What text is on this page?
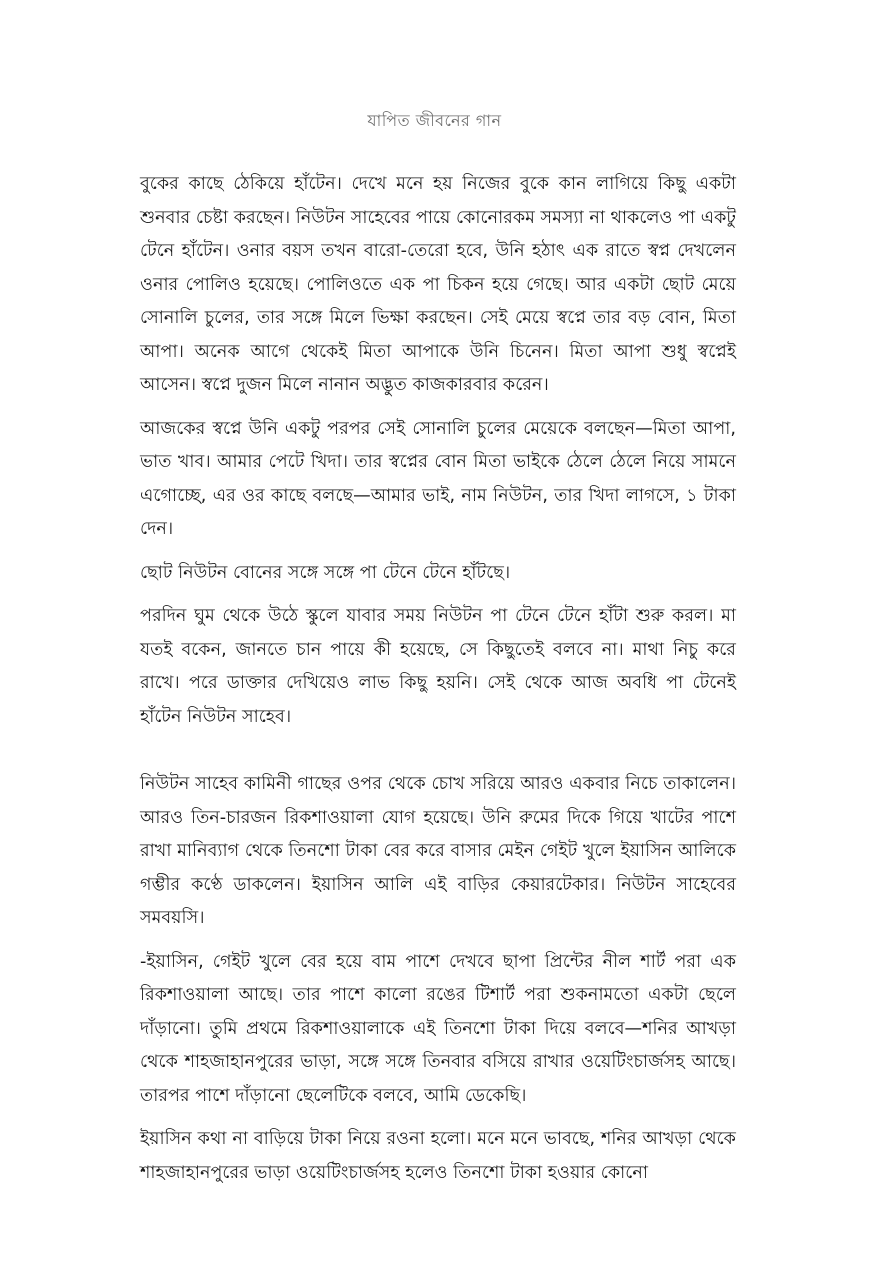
যাপিত জীবনের গান

বুকের কাছে ঠেকিয়ে হাঁটেন। দেখে মনে হয় নিজের বুকে কান লাগিয়ে কিছু একটা শুনবার চেষ্টা করছেন। নিউটন সাহেবের পায়ে কোনোরকম সমস্যা না থাকলেও পা একটু টেনে হাঁটেন। ওনার বয়স তখন বারো-তেরো হবে, উনি হঠাৎ এক রাতে স্বপ্ন দেখলেন ওনার পোলিও হয়েছে। পোলিওতে এক পা চিকন হয়ে গেছে। আর একটা ছোট মেয়ে সোনালি চুলের, তার সঙ্গে মিলে ভিক্ষা করছেন। সেই মেয়ে স্বপ্নে তার বড় বোন, মিতা আপা। অনেক আগে থেকেই মিতা আপাকে উনি চিনেন। মিতা আপা শুধু স্বপ্নেই আসেন। স্বপ্নে দুজন মিলে নানান অদ্ভুত কাজকারবার করেন।

আজকের স্বপ্নে উনি একটু পরপর সেই সোনালি চুলের মেয়েকে বলছেন—মিতা আপা, ভাত খাব। আমার পেটে খিদা। তার স্বপ্নের বোন মিতা ভাইকে ঠেলে ঠেলে নিয়ে সামনে এগোচ্ছে, এর ওর কাছে বলছে—আমার ভাই, নাম নিউটন, তার খিদা লাগসে, ১ টাকা দেন।

ছোট নিউটন বোনের সঙ্গে সঙ্গে পা টেনে টেনে হাঁটছে।

পরদিন ঘুম থেকে উঠে স্কুলে যাবার সময় নিউটন পা টেনে টেনে হাঁটা শুরু করল। মা যতই বকেন, জানতে চান পায়ে কী হয়েছে, সে কিছুতেই বলবে না। মাথা নিচু করে রাখে। পরে ডাক্তার দেখিয়েও লাভ কিছু হয়নি। সেই থেকে আজ অবধি পা টেনেই হাঁটেন নিউটন সাহেব।

নিউটন সাহেব কামিনী গাছের ওপর থেকে চোখ সরিয়ে আরও একবার নিচে তাকালেন। আরও তিন-চারজন রিকশাওয়ালা যোগ হয়েছে। উনি রুমের দিকে গিয়ে খাটের পাশে রাখা মানিব্যাগ থেকে তিনশো টাকা বের করে বাসার মেইন গেইট খুলে ইয়াসিন আলিকে গম্ভীর কণ্ঠে ডাকলেন। ইয়াসিন আলি এই বাড়ির কেয়ারটেকার। নিউটন সাহেবের সমবয়সি।

-ইয়াসিন, গেইট খুলে বের হয়ে বাম পাশে দেখবে ছাপা প্রিন্টের নীল শার্ট পরা এক রিকশাওয়ালা আছে। তার পাশে কালো রঙের টিশার্ট পরা শুকনামতো একটা ছেলে দাঁড়ানো। তুমি প্রথমে রিকশাওয়ালাকে এই তিনশো টাকা দিয়ে বলবে—শনির আখড়া থেকে শাহজাহানপুরের ভাড়া, সঙ্গে সঙ্গে তিনবার বসিয়ে রাখার ওয়েটিংচার্জসহ আছে। তারপর পাশে দাঁড়ানো ছেলেটিকে বলবে, আমি ডেকেছি।

ইয়াসিন কথা না বাড়িয়ে টাকা নিয়ে রওনা হলো। মনে মনে ভাবছে, শনির আখড়া থেকে শাহজাহানপুরের ভাড়া ওয়েটিংচার্জসহ হলেও তিনশো টাকা হওয়ার কোনো
